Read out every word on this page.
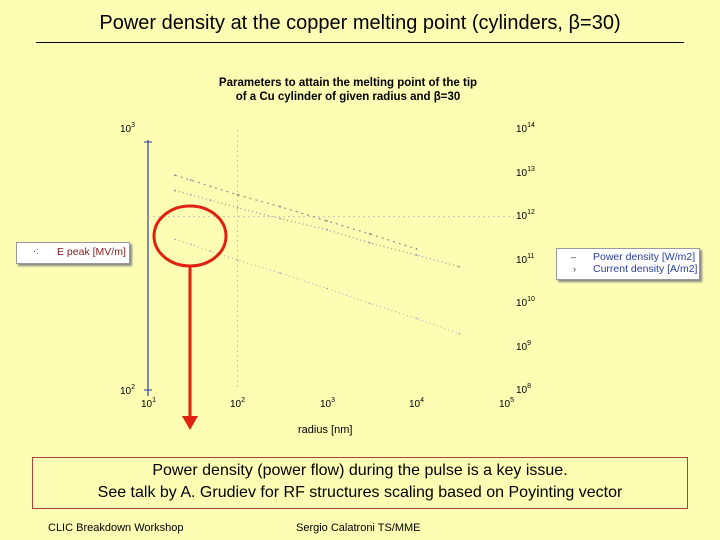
Power density at the copper melting point (cylinders, β=30)
Parameters to attain the melting point of the tip
of a Cu cylinder of given radius and β=30
$10^3$
$10^2$
$10^{14}$
$10^{13}$
$10^{12}$
$10^{11}$
$10^{10}$
$10^9$
$10^8$
$10^1$	$10^2$	$10^3$	$10^4$	$10^5$
radius [nm]
·: E peak [MV/m]	– Power density [W/m2]
› Current density [A/m2]
Power density (power flow) during the pulse is a key issue.
See talk by A. Grudiev for RF structures scaling based on Poyinting vector
CLIC Breakdown Workshop	Sergio Calatroni TS/MME
